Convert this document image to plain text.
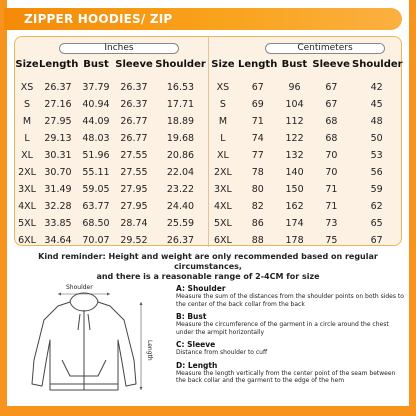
ZIPPER HOODIES/ ZIP
Inches
Size Length Bust Sleeve Shoulder
XS	26.37	37.79	26.37	16.53
S	27.16	40.94	26.37	17.71
M	27.95	44.09	26.77	18.89
L	29.13	48.03	26.77	19.68
XL	30.31	51.96	27.55	20.86
2XL 30.70	55.11	27.55	22.04
3XL 31.49	59.05	27.95	23.22
4XL 32.28	63.77	27.95	24.40
5XL 33.85	68.50	28.74	25.59
6XL 34.64	70.07	29.52	26.37
Centimeters
Size Length Bust Sleeve Shoulder
XS	67	96	67	42
S	69	104	67	45
M	71	112	68	48
L	74	122	68	50
XL	77	132	70	53
2XL	78	140	70	56
3XL	80	150	71	59
4XL	82	162	71	62
5XL	86	174	73	65
6XL	88	178	75	67
Kind reminder: Height and weight are only recommended based on regular circumstances,
and there is a reasonable range of 2-4CM for size
Shoulder
Length
A: Shoulder
Measure the sum of the distances from the shoulder points on both sides to the center of the back collar from the back
B: Bust
Measure the circumference of the garment in a circle around the chest under the armpit horizontally
C: Sleeve
Distance from shoulder to cuff
D: Length
Measure the length vertically from the center point of the seam between the back collar and the garment to the edge of the hem
